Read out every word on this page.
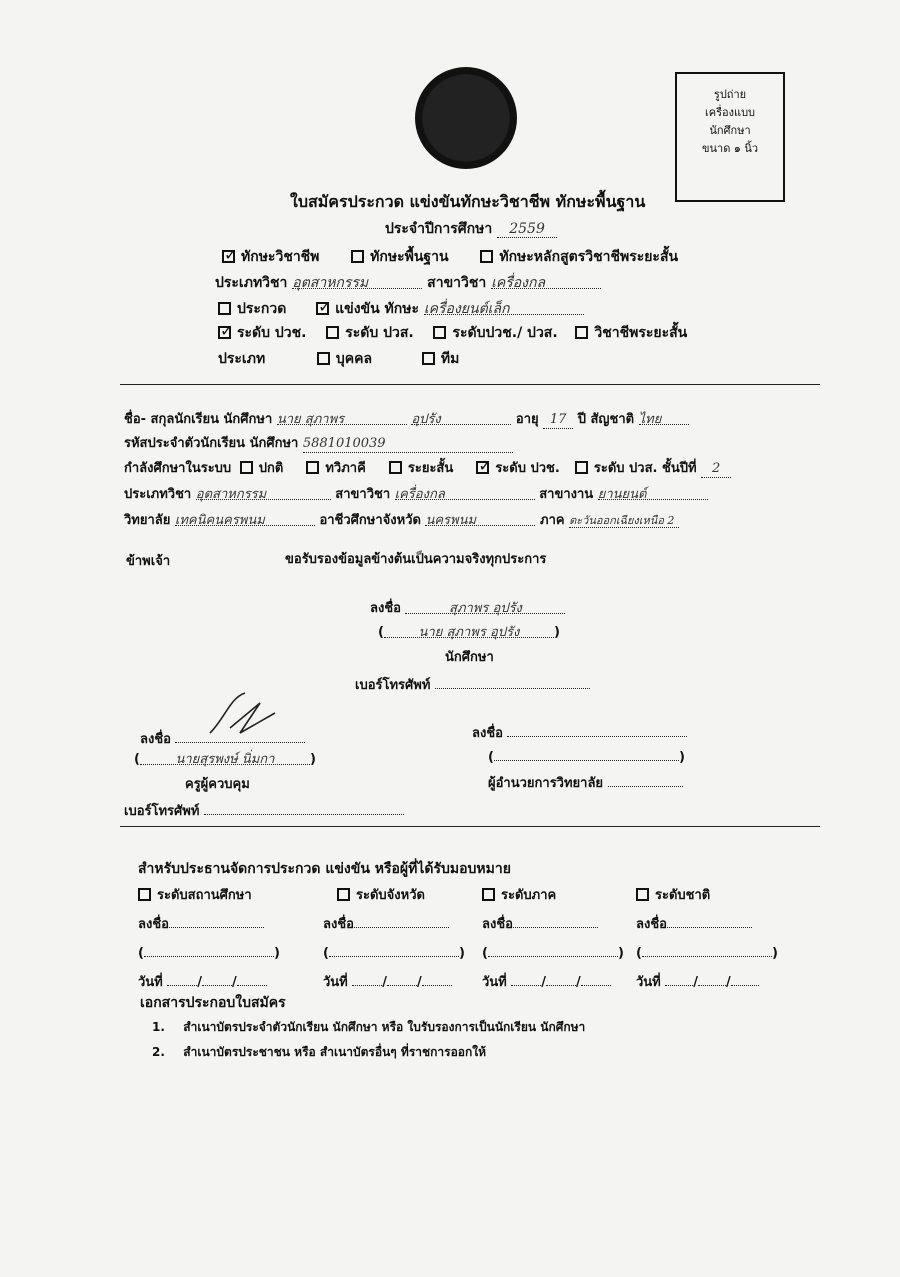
รูปถ่าย
เครื่องแบบ
นักศึกษา
ขนาด ๑ นิ้ว
ใบสมัครประกวด แข่งขันทักษะวิชาชีพ ทักษะพื้นฐาน
ประจำปีการศึกษา 2559
✓ทักษะวิชาชีพ	ทักษะพื้นฐาน	ทักษะหลักสูตรวิชาชีพระยะสั้น
ประเภทวิชา อุตสาหกรรม	สาขาวิชา เครื่องกล
ประกวด ✓	แข่งขัน ทักษะ เครื่องยนต์เล็ก
✓ระดับ ปวช.	ระดับ ปวส.	ระดับปวช./ ปวส.	วิชาชีพระยะสั้น
ประเภท	บุคคล	ทีม
ชื่อ- สกุลนักเรียน นักศึกษา นาย สุภาพร	อุปรัง	อายุ 17 ปี สัญชาติ ไทย
รหัสประจำตัวนักเรียน นักศึกษา 5881010039
กำลังศึกษาในระบบ ปกติ	ทวิภาคี	ระยะสั้น ✓	ระดับ ปวช.	ระดับ ปวส. ชั้นปีที่ 2
ประเภทวิชา อุตสาหกรรม	สาขาวิชา เครื่องกล	สาขางาน ยานยนต์
วิทยาลัย เทคนิคนครพนม	อาชีวศึกษาจังหวัด นครพนม	ภาค ตะวันออกเฉียงเหนือ 2
ข้าพเจ้า	ขอรับรองข้อมูลข้างต้นเป็นความจริงทุกประการ
ลงชื่อ	สุภาพร อุปรัง
(	นาย สุภาพร อุปรัง	)
นักศึกษา
เบอร์โทรศัพท์
ลงชื่อ
(	นายสุรพงษ์ นิ่มกา	)
ครูผู้ควบคุม
เบอร์โทรศัพท์
ลงชื่อ
(	)
ผู้อำนวยการวิทยาลัย
สำหรับประธานจัดการประกวด แข่งขัน หรือผู้ที่ได้รับมอบหมาย
ระดับสถานศึกษา
ลงชื่อ
(	)
วันที่	/ /
ระดับจังหวัด
ลงชื่อ
(	)
วันที่	/ /
ระดับภาค
ลงชื่อ
(	)
วันที่	/ /
ระดับชาติ
ลงชื่อ
(	)
วันที่	/ /
เอกสารประกอบใบสมัคร
1. สำเนาบัตรประจำตัวนักเรียน นักศึกษา หรือ ใบรับรองการเป็นนักเรียน นักศึกษา
2. สำเนาบัตรประชาชน หรือ สำเนาบัตรอื่นๆ ที่ราชการออกให้
